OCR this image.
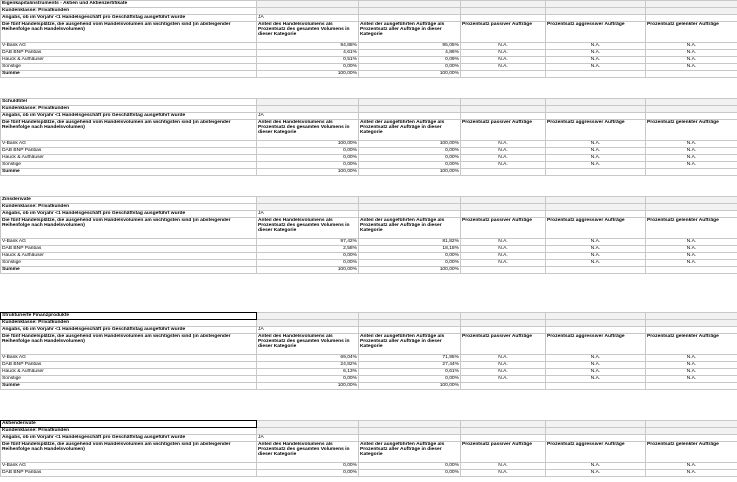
Eigenkapitalinstruments - Aktien und Aktienzertifikate					
Kundenklasse: Privatkunden					
Angabs, ob im Vorjahr <1 Handelsgeschäft pro Geschäftstag ausgeführt wurde	JA				
Die fünf Handelsplätze, die ausgehend vom Handelsvolumen am wichtigsten sind (in absteigender Reihenfolge nach Handelsvolumen)	Anteil des Handelsvolumens als Prozentsatz des gesamten Volumens in dieser Kategorie	Anteil der ausgeführten Aufträge als Prozentsatz aller Aufträge in dieser Kategorie	Prozentsatz passiver Aufträge	Prozentsatz aggressiver Aufträge	Prozentsatz gelenkter Aufträge
V-Bank AG	94,88%	95,05%	N.A.	N.A.	N.A.
DAB BNP Paribas	4,61%	4,86%	N.A.	N.A.	N.A.
Hauck & Aufhäuser	0,51%	0,09%	N.A.	N.A.	N.A.
Sonstige	0,00%	0,00%	N.A.	N.A.	N.A.
Summe	100,00%	100,00%			
Schuldtitel					
Kundenklasse: Privatkunden					
Angabs, ob im Vorjahr <1 Handelsgeschäft pro Geschäftstag ausgeführt wurde	JA				
Die fünf Handelsplätze, die ausgehend vom Handelsvolumen am wichtigsten sind (in absteigender Reihenfolge nach Handelsvolumen)	Anteil des Handelsvolumens als Prozentsatz des gesamten Volumens in dieser Kategorie	Anteil der ausgeführten Aufträge als Prozentsatz aller Aufträge in dieser Kategorie	Prozentsatz passiver Aufträge	Prozentsatz aggressiver Aufträge	Prozentsatz gelenkter Aufträge
V-Bank AG	100,00%	100,00%	N.A.	N.A.	N.A.
DAB BNP Paribas	0,00%	0,00%	N.A.	N.A.	N.A.
Hauck & Aufhäuser	0,00%	0,00%	N.A.	N.A.	N.A.
Sonstige	0,00%	0,00%	N.A.	N.A.	N.A.
Summe	100,00%	100,00%			
Zinsderivate					
Kundenklasse: Privatkunden					
Angabs, ob im Vorjahr <1 Handelsgeschäft pro Geschäftstag ausgeführt wurde	JA				
Die fünf Handelsplätze, die ausgehend vom Handelsvolumen am wichtigsten sind (in absteigender Reihenfolge nach Handelsvolumen)	Anteil des Handelsvolumens als Prozentsatz des gesamten Volumens in dieser Kategorie	Anteil der ausgeführten Aufträge als Prozentsatz aller Aufträge in dieser Kategorie	Prozentsatz passiver Aufträge	Prozentsatz aggressiver Aufträge	Prozentsatz gelenkter Aufträge
V-Bank AG	97,42%	81,82%	N.A.	N.A.	N.A.
DAB BNP Paribas	2,58%	18,18%	N.A.	N.A.	N.A.
Hauck & Aufhäuser	0,00%	0,00%	N.A.	N.A.	N.A.
Sonstige	0,00%	0,00%	N.A.	N.A.	N.A.
Summe	100,00%	100,00%			
Strukturierte Finanzprodukte					
Kundenklasse: Privatkunden					
Angabs, ob im Vorjahr <1 Handelsgeschäft pro Geschäftstag ausgeführt wurde	JA				
Die fünf Handelsplätze, die ausgehend vom Handelsvolumen am wichtigsten sind (in absteigender Reihenfolge nach Handelsvolumen)	Anteil des Handelsvolumens als Prozentsatz des gesamten Volumens in dieser Kategorie	Anteil der ausgeführten Aufträge als Prozentsatz aller Aufträge in dieser Kategorie	Prozentsatz passiver Aufträge	Prozentsatz aggressiver Aufträge	Prozentsatz gelenkter Aufträge
V-Bank AG	69,04%	71,95%	N.A.	N.A.	N.A.
DAB BNP Paribas	24,82%	27,44%	N.A.	N.A.	N.A.
Hauck & Aufhäuser	6,13%	0,61%	N.A.	N.A.	N.A.
Sonstige	0,00%	0,00%	N.A.	N.A.	N.A.
Summe	100,00%	100,00%			
Aktienderivate					
Kundenklasse: Privatkunden					
Angabs, ob im Vorjahr <1 Handelsgeschäft pro Geschäftstag ausgeführt wurde	JA				
Die fünf Handelsplätze, die ausgehend vom Handelsvolumen am wichtigsten sind (in absteigender Reihenfolge nach Handelsvolumen)	Anteil des Handelsvolumens als Prozentsatz des gesamten Volumens in dieser Kategorie	Anteil der ausgeführten Aufträge als Prozentsatz aller Aufträge in dieser Kategorie	Prozentsatz passiver Aufträge	Prozentsatz aggressiver Aufträge	Prozentsatz gelenkter Aufträge
V-Bank AG	0,00%	0,00%	N.A.	N.A.	N.A.
DAB BNP Paribas	0,00%	0,00%	N.A.	N.A.	N.A.
